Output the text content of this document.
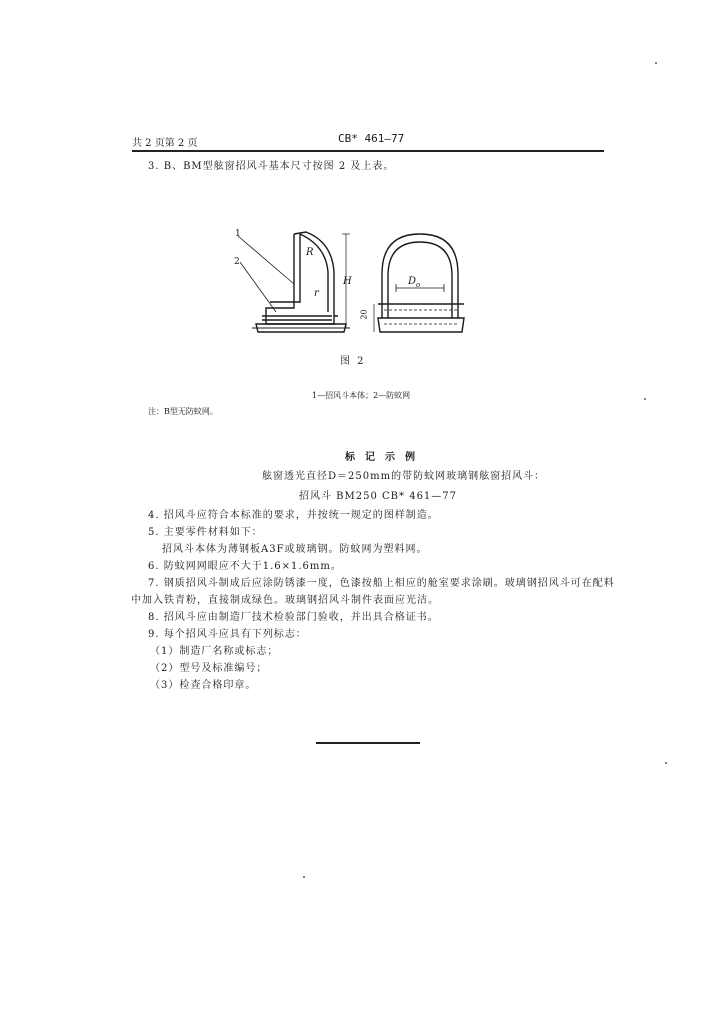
共 2 页第 2 页	CB* 461—77
3. B、BM型舷窗招风斗基本尺寸按图 2 及上表。
1
2
R
r
H
20
$D_o$
图 2
1—招风斗本体；2—防蚊网
注：B型无防蚊网。
标记示例
舷窗透光直径D＝250mm的带防蚊网玻璃钢舷窗招风斗：
招风斗 BM250 CB* 461—77
4. 招风斗应符合本标准的要求，并按统一规定的图样制造。
5. 主要零件材料如下：
招风斗本体为薄钢板A3F或玻璃钢。防蚊网为塑料网。
6. 防蚊网网眼应不大于1.6×1.6mm。
7. 钢质招风斗制成后应涂防锈漆一度，色漆按船上相应的舱室要求涂刷。玻璃钢招风斗可在配料
中加入铁青粉，直接制成绿色。玻璃钢招风斗制件表面应光洁。
8. 招风斗应由制造厂技术检验部门验收，并出具合格证书。
9. 每个招风斗应具有下列标志：
（1）制造厂名称或标志；
（2）型号及标准编号；
（3）检查合格印章。
